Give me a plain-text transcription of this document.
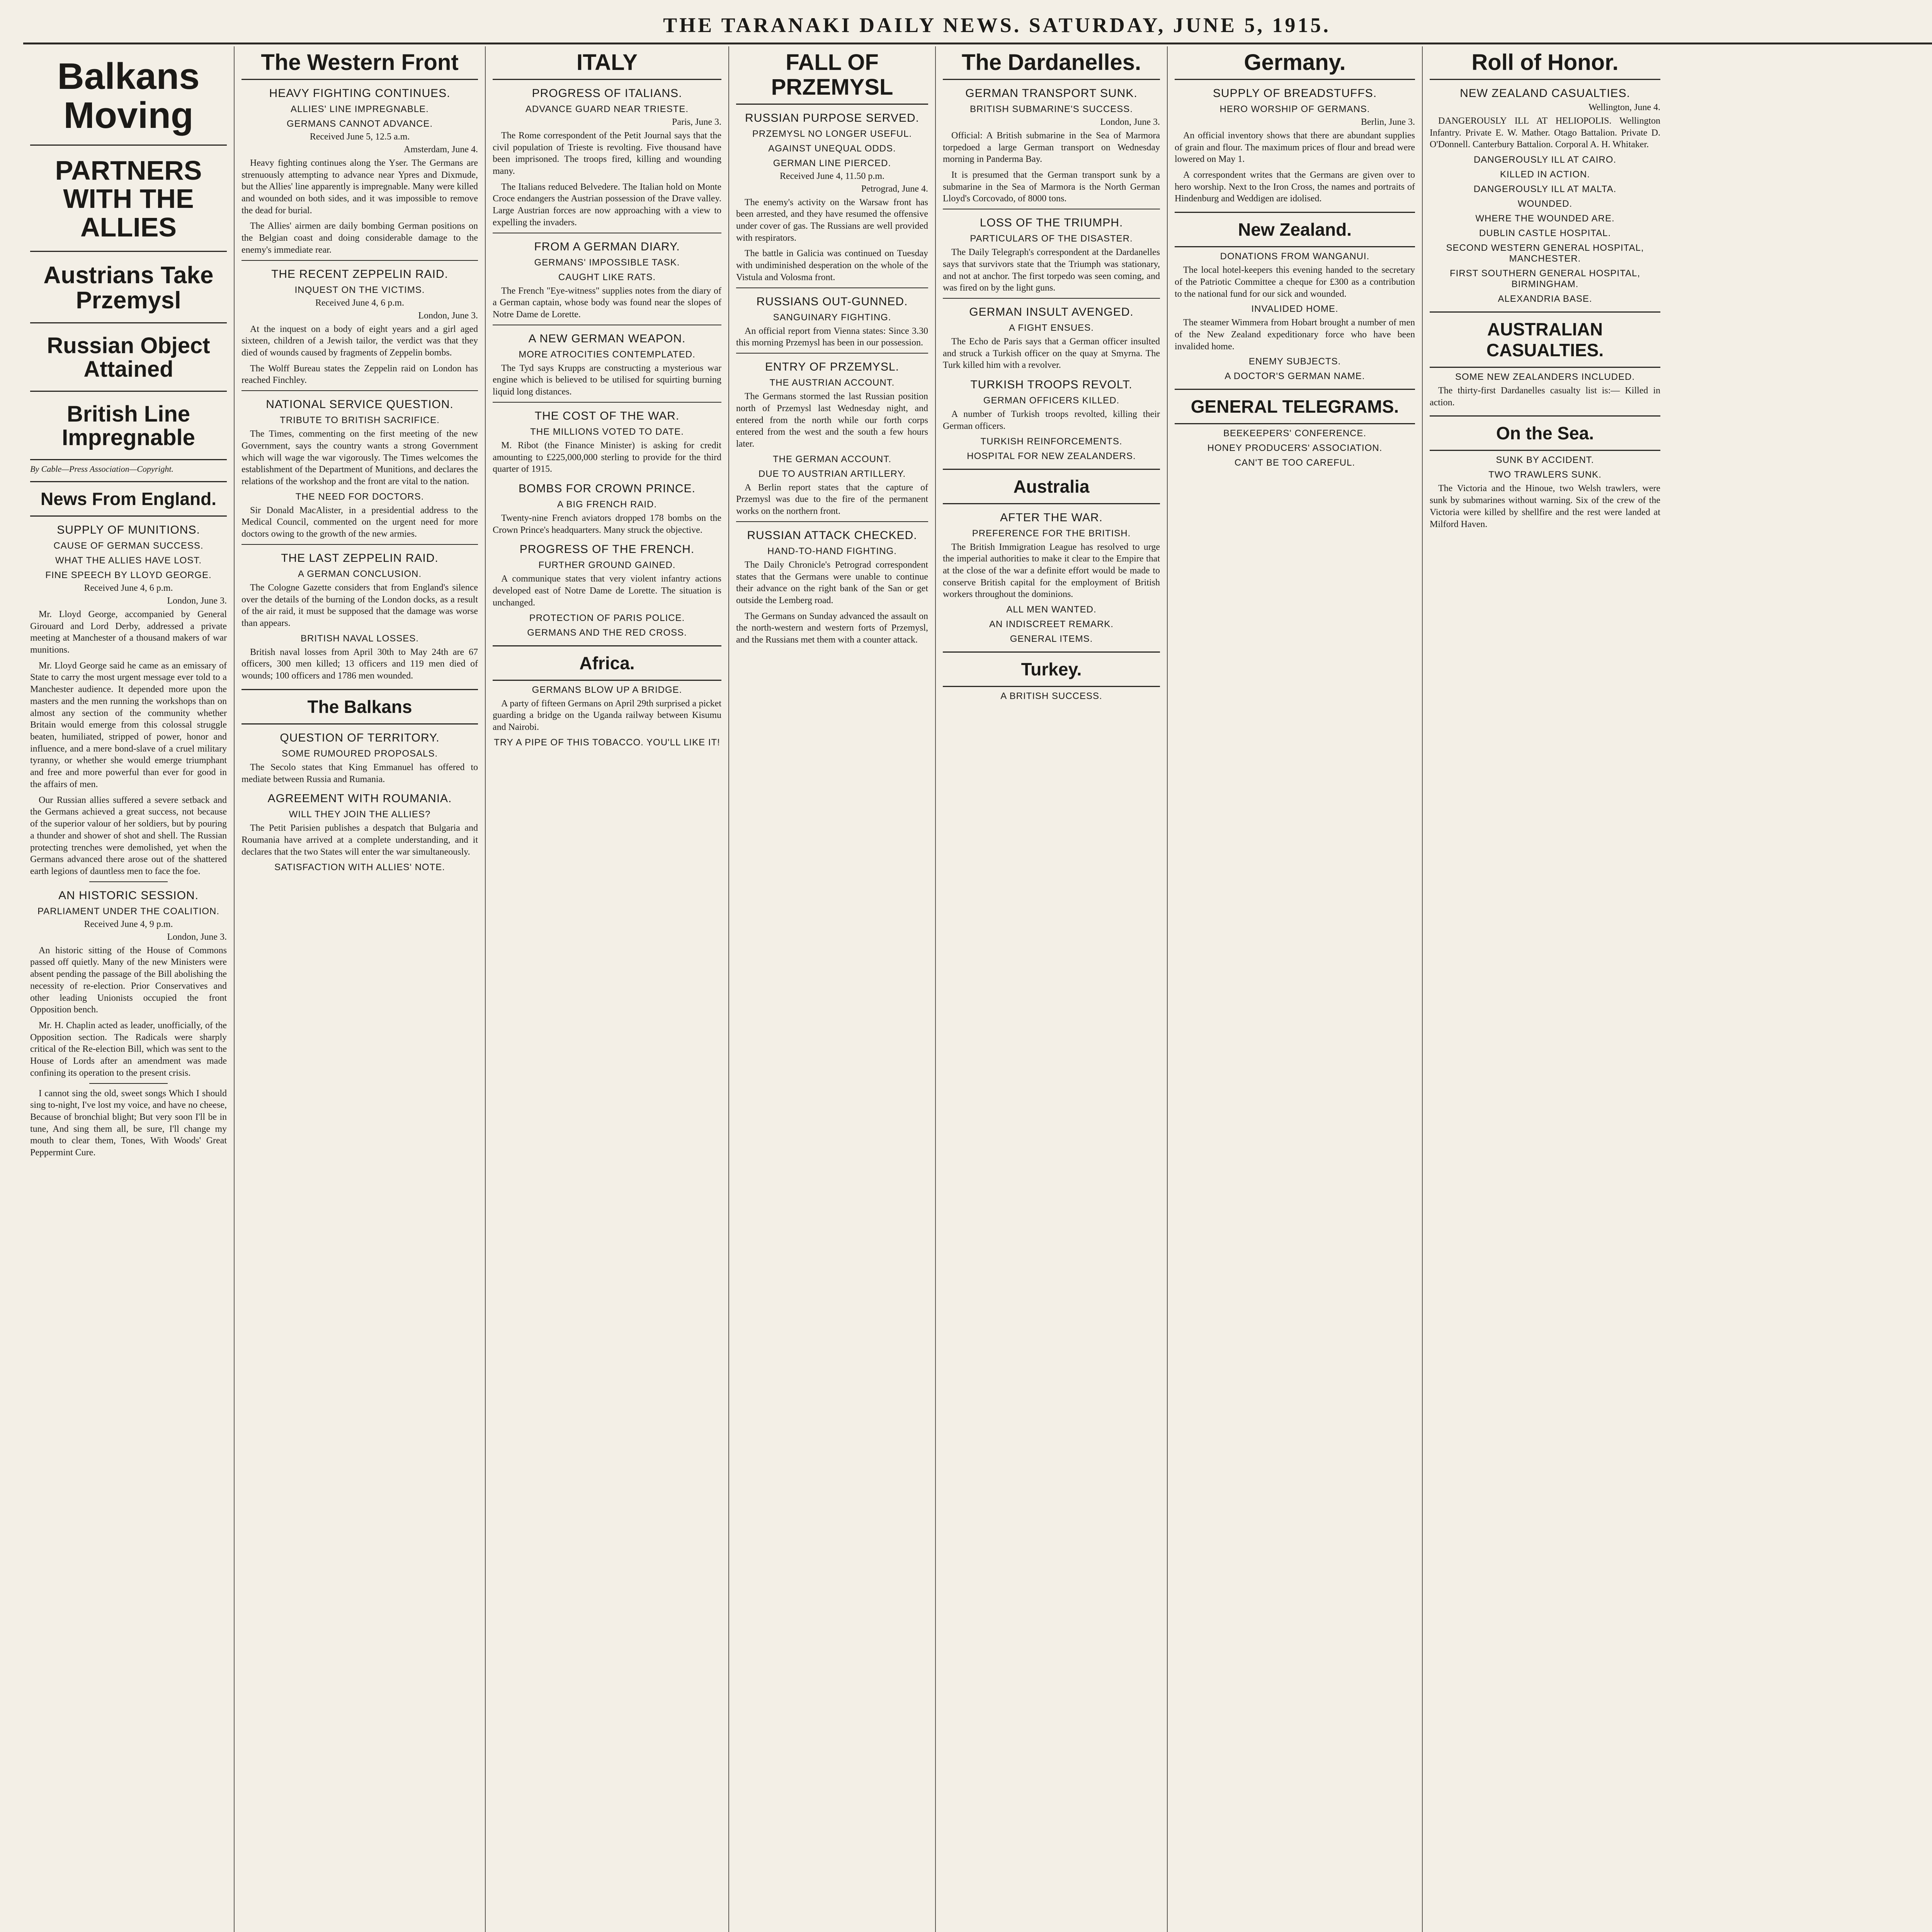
THE TARANAKI DAILY NEWS. SATURDAY, JUNE 5, 1915.
Balkans Moving
PARTNERS WITH THE ALLIES
Austrians Take Przemysl
Russian Object Attained
British Line Impregnable
By Cable—Press Association—Copyright.
News From England.
SUPPLY OF MUNITIONS.
CAUSE OF GERMAN SUCCESS.
WHAT THE ALLIES HAVE LOST.
FINE SPEECH BY LLOYD GEORGE.
Received June 4, 6 p.m.
London, June 3.

Mr. Lloyd George, accompanied by General Girouard and Lord Derby, addressed a private meeting at Manchester of a thousand makers of war munitions.

Mr. Lloyd George said he came as an emissary of State to carry the most urgent message ever told to a Manchester audience. It depended more upon the masters and the men running the workshops than on almost any section of the community whether Britain would emerge from this colossal struggle beaten, humiliated, stripped of power, honor and influence, and a mere bond-slave of a cruel military tyranny, or whether she would emerge triumphant and free and more powerful than ever for good in the affairs of men.

Our Russian allies suffered a severe setback and the Germans achieved a great success, not because of the superior valour of her soldiers, but by pouring a thunder and shower of shot and shell. The Russian protecting trenches were demolished, yet when the Germans advanced there arose out of the shattered earth legions of dauntless men to face the foe.

AN HISTORIC SESSION.
PARLIAMENT UNDER THE COALITION.
Received June 4, 9 p.m.
London, June 3.

An historic sitting of the House of Commons passed off quietly. Many of the new Ministers were absent pending the passage of the Bill abolishing the necessity of re-election. Prior Conservatives and other leading Unionists occupied the front Opposition bench.

Mr. H. Chaplin acted as leader, unofficially, of the Opposition section. The Radicals were sharply critical of the Re-election Bill, which was sent to the House of Lords after an amendment was made confining its operation to the present crisis.

I cannot sing the old, sweet songs Which I should sing to-night, I've lost my voice, and have no cheese, Because of bronchial blight; But very soon I'll be in tune, And sing them all, be sure, I'll change my mouth to clear them, Tones, With Woods' Great Peppermint Cure.

The Western Front
HEAVY FIGHTING CONTINUES.
ALLIES' LINE IMPREGNABLE.
GERMANS CANNOT ADVANCE.
Received June 5, 12.5 a.m.
Amsterdam, June 4.

Heavy fighting continues along the Yser. The Germans are strenuously attempting to advance near Ypres and Dixmude, but the Allies' line apparently is impregnable. Many were killed and wounded on both sides, and it was impossible to remove the dead for burial.

The Allies' airmen are daily bombing German positions on the Belgian coast and doing considerable damage to the enemy's immediate rear.

THE RECENT ZEPPELIN RAID.
INQUEST ON THE VICTIMS.
Received June 4, 6 p.m.
London, June 3.

At the inquest on a body of eight years and a girl aged sixteen, children of a Jewish tailor, the verdict was that they died of wounds caused by fragments of Zeppelin bombs.

The Wolff Bureau states the Zeppelin raid on London has reached Finchley.

NATIONAL SERVICE QUESTION.
TRIBUTE TO BRITISH SACRIFICE.

The Times, commenting on the first meeting of the new Government, says the country wants a strong Government which will wage the war vigorously. The Times welcomes the establishment of the Department of Munitions, and declares the relations of the workshop and the front are vital to the nation.

THE NEED FOR DOCTORS.

Sir Donald MacAlister, in a presidential address to the Medical Council, commented on the urgent need for more doctors owing to the growth of the new armies.

THE LAST ZEPPELIN RAID.
A GERMAN CONCLUSION.

The Cologne Gazette considers that from England's silence over the details of the burning of the London docks, as a result of the air raid, it must be supposed that the damage was worse than appears.

BRITISH NAVAL LOSSES.

British naval losses from April 30th to May 24th are 67 officers, 300 men killed; 13 officers and 119 men died of wounds; 100 officers and 1786 men wounded.

The Balkans
QUESTION OF TERRITORY.
SOME RUMOURED PROPOSALS.

The Secolo states that King Emmanuel has offered to mediate between Russia and Rumania.

AGREEMENT WITH ROUMANIA.
WILL THEY JOIN THE ALLIES?

The Petit Parisien publishes a despatch that Bulgaria and Roumania have arrived at a complete understanding, and it declares that the two States will enter the war simultaneously.

SATISFACTION WITH ALLIES' NOTE.
ITALY
PROGRESS OF ITALIANS.
ADVANCE GUARD NEAR TRIESTE.
Paris, June 3.

The Rome correspondent of the Petit Journal says that the civil population of Trieste is revolting. Five thousand have been imprisoned. The troops fired, killing and wounding many.

The Italians reduced Belvedere. The Italian hold on Monte Croce endangers the Austrian possession of the Drave valley. Large Austrian forces are now approaching with a view to expelling the invaders.

FROM A GERMAN DIARY.
GERMANS' IMPOSSIBLE TASK.
CAUGHT LIKE RATS.

The French "Eye-witness" supplies notes from the diary of a German captain, whose body was found near the slopes of Notre Dame de Lorette.

A NEW GERMAN WEAPON.
MORE ATROCITIES CONTEMPLATED.

The Tyd says Krupps are constructing a mysterious war engine which is believed to be utilised for squirting burning liquid long distances.

THE COST OF THE WAR.
THE MILLIONS VOTED TO DATE.

M. Ribot (the Finance Minister) is asking for credit amounting to £225,000,000 sterling to provide for the third quarter of 1915.

BOMBS FOR CROWN PRINCE.
A BIG FRENCH RAID.

Twenty-nine French aviators dropped 178 bombs on the Crown Prince's headquarters. Many struck the objective.

PROGRESS OF THE FRENCH.
FURTHER GROUND GAINED.

A communique states that very violent infantry actions developed east of Notre Dame de Lorette. The situation is unchanged.

PROTECTION OF PARIS POLICE.
GERMANS AND THE RED CROSS.
Africa.
GERMANS BLOW UP A BRIDGE.

A party of fifteen Germans on April 29th surprised a picket guarding a bridge on the Uganda railway between Kisumu and Nairobi.

TRY A PIPE OF THIS TOBACCO. YOU'LL LIKE IT!
FALL OF PRZEMYSL
RUSSIAN PURPOSE SERVED.
PRZEMYSL NO LONGER USEFUL.
AGAINST UNEQUAL ODDS.
GERMAN LINE PIERCED.
Received June 4, 11.50 p.m.
Petrograd, June 4.

The enemy's activity on the Warsaw front has been arrested, and they have resumed the offensive under cover of gas. The Russians are well provided with respirators.

The battle in Galicia was continued on Tuesday with undiminished desperation on the whole of the Vistula and Volosma front.

RUSSIANS OUT-GUNNED.
SANGUINARY FIGHTING.

An official report from Vienna states: Since 3.30 this morning Przemysl has been in our possession.

ENTRY OF PRZEMYSL.
THE AUSTRIAN ACCOUNT.

The Germans stormed the last Russian position north of Przemysl last Wednesday night, and entered from the north while our forth corps entered from the west and the south a few hours later.

THE GERMAN ACCOUNT.
DUE TO AUSTRIAN ARTILLERY.

A Berlin report states that the capture of Przemysl was due to the fire of the permanent works on the northern front.

RUSSIAN ATTACK CHECKED.
HAND-TO-HAND FIGHTING.

The Daily Chronicle's Petrograd correspondent states that the Germans were unable to continue their advance on the right bank of the San or get outside the Lemberg road.

The Germans on Sunday advanced the assault on the north-western and western forts of Przemysl, and the Russians met them with a counter attack.

The Dardanelles.
GERMAN TRANSPORT SUNK.
BRITISH SUBMARINE'S SUCCESS.
London, June 3.

Official: A British submarine in the Sea of Marmora torpedoed a large German transport on Wednesday morning in Panderma Bay.

It is presumed that the German transport sunk by a submarine in the Sea of Marmora is the North German Lloyd's Corcovado, of 8000 tons.

LOSS OF THE TRIUMPH.
PARTICULARS OF THE DISASTER.

The Daily Telegraph's correspondent at the Dardanelles says that survivors state that the Triumph was stationary, and not at anchor. The first torpedo was seen coming, and was fired on by the light guns.

GERMAN INSULT AVENGED.
A FIGHT ENSUES.

The Echo de Paris says that a German officer insulted and struck a Turkish officer on the quay at Smyrna. The Turk killed him with a revolver.

TURKISH TROOPS REVOLT.
GERMAN OFFICERS KILLED.

A number of Turkish troops revolted, killing their German officers.

TURKISH REINFORCEMENTS.
HOSPITAL FOR NEW ZEALANDERS.
Australia
AFTER THE WAR.
PREFERENCE FOR THE BRITISH.

The British Immigration League has resolved to urge the imperial authorities to make it clear to the Empire that at the close of the war a definite effort would be made to conserve British capital for the employment of British workers throughout the dominions.

ALL MEN WANTED.
AN INDISCREET REMARK.
GENERAL ITEMS.
Turkey.
A BRITISH SUCCESS.
Germany.
SUPPLY OF BREADSTUFFS.
HERO WORSHIP OF GERMANS.
Berlin, June 3.

An official inventory shows that there are abundant supplies of grain and flour. The maximum prices of flour and bread were lowered on May 1.

A correspondent writes that the Germans are given over to hero worship. Next to the Iron Cross, the names and portraits of Hindenburg and Weddigen are idolised.

New Zealand.
DONATIONS FROM WANGANUI.

The local hotel-keepers this evening handed to the secretary of the Patriotic Committee a cheque for £300 as a contribution to the national fund for our sick and wounded.

INVALIDED HOME.

The steamer Wimmera from Hobart brought a number of men of the New Zealand expeditionary force who have been invalided home.

ENEMY SUBJECTS.
A DOCTOR'S GERMAN NAME.
GENERAL TELEGRAMS.
BEEKEEPERS' CONFERENCE.
HONEY PRODUCERS' ASSOCIATION.
CAN'T BE TOO CAREFUL.
Roll of Honor.
NEW ZEALAND CASUALTIES.
Wellington, June 4.

DANGEROUSLY ILL AT HELIOPOLIS. Wellington Infantry. Private E. W. Mather. Otago Battalion. Private D. O'Donnell. Canterbury Battalion. Corporal A. H. Whitaker.

DANGEROUSLY ILL AT CAIRO.
KILLED IN ACTION.
DANGEROUSLY ILL AT MALTA.
WOUNDED.
WHERE THE WOUNDED ARE.
DUBLIN CASTLE HOSPITAL.
SECOND WESTERN GENERAL HOSPITAL, MANCHESTER.
FIRST SOUTHERN GENERAL HOSPITAL, BIRMINGHAM.
ALEXANDRIA BASE.
AUSTRALIAN CASUALTIES.
SOME NEW ZEALANDERS INCLUDED.

The thirty-first Dardanelles casualty list is:— Killed in action.

On the Sea.
SUNK BY ACCIDENT.
TWO TRAWLERS SUNK.

The Victoria and the Hinoue, two Welsh trawlers, were sunk by submarines without warning. Six of the crew of the Victoria were killed by shellfire and the rest were landed at Milford Haven.
